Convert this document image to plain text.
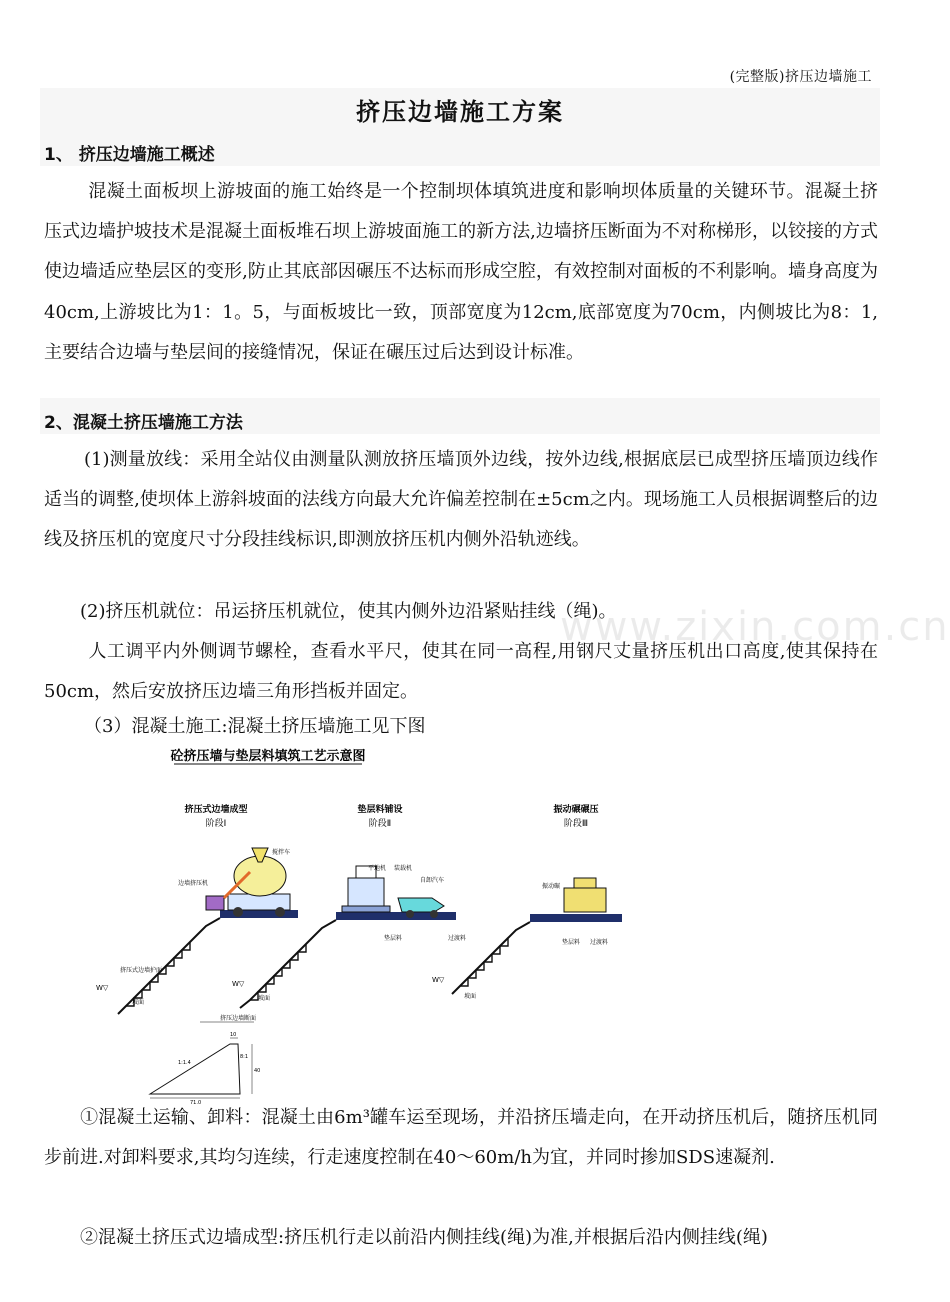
(完整版)挤压边墙施工
挤压边墙施工方案
1、 挤压边墙施工概述
混凝土面板坝上游坡面的施工始终是一个控制坝体填筑进度和影响坝体质量的关键环节。混凝土挤压式边墙护坡技术是混凝土面板堆石坝上游坡面施工的新方法,边墙挤压断面为不对称梯形，以铰接的方式使边墙适应垫层区的变形,防止其底部因碾压不达标而形成空腔，有效控制对面板的不利影响。墙身高度为40cm,上游坡比为1：1。5，与面板坡比一致，顶部宽度为12cm,底部宽度为70cm，内侧坡比为8：1,主要结合边墙与垫层间的接缝情况，保证在碾压过后达到设计标准。
2、混凝土挤压墙施工方法
(1)测量放线：采用全站仪由测量队测放挤压墙顶外边线，按外边线,根据底层已成型挤压墙顶边线作适当的调整,使坝体上游斜坡面的法线方向最大允许偏差控制在±5cm之内。现场施工人员根据调整后的边线及挤压机的宽度尺寸分段挂线标识,即测放挤压机内侧外沿轨迹线。
(2)挤压机就位：吊运挤压机就位，使其内侧外边沿紧贴挂线（绳)。
人工调平内外侧调节螺栓，查看水平尺，使其在同一高程,用钢尺丈量挤压机出口高度,使其保持在50cm，然后安放挤压边墙三角形挡板并固定。
（3）混凝土施工:混凝土挤压墙施工见下图
www.zixin.com.cn
砼挤压墙与垫层料填筑工艺示意图
挤压式边墙成型
阶段Ⅰ
垫层料铺设
阶段Ⅱ
振动碾碾压
阶段Ⅲ
搅拌车
边墙挤压机
挤压式边墙护面
W▽
坡面
平地机 装载机
自卸汽车
垫层料	过渡料
W▽
坡面
振动碾
垫层料 过渡料
W▽
坡面
挤压边墙断面
10
40
71.0
1:1.4
8:1
①混凝土运输、卸料：混凝土由6m³罐车运至现场，并沿挤压墙走向，在开动挤压机后，随挤压机同步前进.对卸料要求,其均匀连续，行走速度控制在40～60m/h为宜，并同时掺加SDS速凝剂.
②混凝土挤压式边墙成型:挤压机行走以前沿内侧挂线(绳)为准,并根据后沿内侧挂线(绳)
